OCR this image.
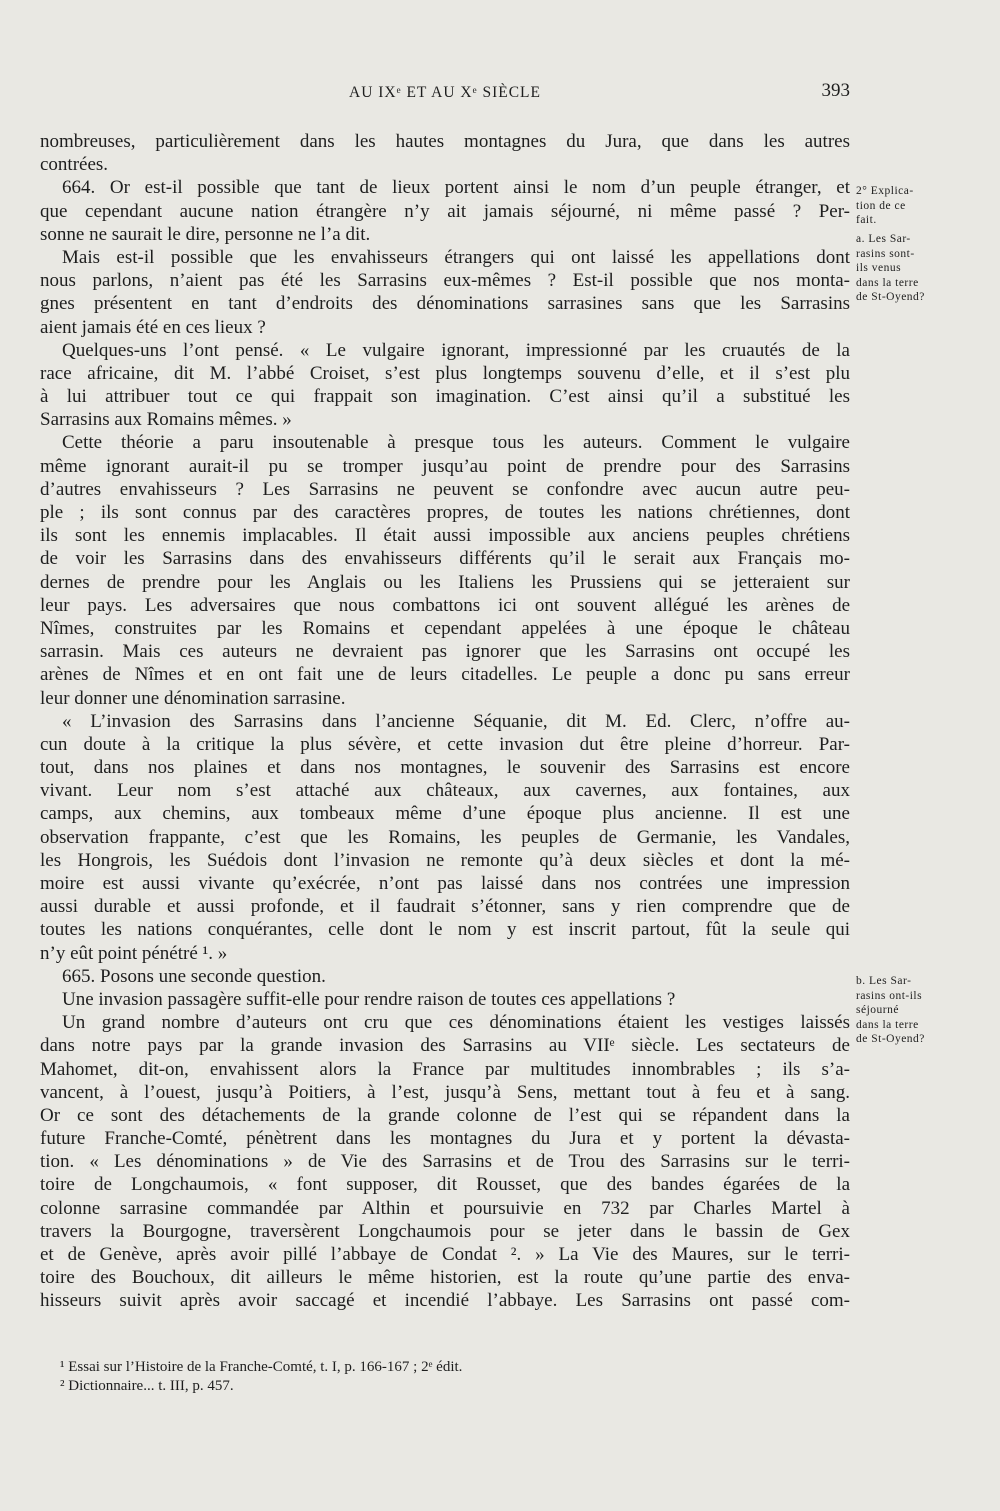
AU IXᵉ ET AU Xᵉ SIÈCLE	393
nombreuses, particulièrement dans les hautes montagnes du Jura, que dans les autres
contrées.
664. Or est-il possible que tant de lieux portent ainsi le nom d’un peuple étranger, et
que cependant aucune nation étrangère n’y ait jamais séjourné, ni même passé ? Per-
sonne ne saurait le dire, personne ne l’a dit.
Mais est-il possible que les envahisseurs étrangers qui ont laissé les appellations dont
nous parlons, n’aient pas été les Sarrasins eux-mêmes ? Est-il possible que nos monta-
gnes présentent en tant d’endroits des dénominations sarrasines sans que les Sarrasins
aient jamais été en ces lieux ?
Quelques-uns l’ont pensé. « Le vulgaire ignorant, impressionné par les cruautés de la
race africaine, dit M. l’abbé Croiset, s’est plus longtemps souvenu d’elle, et il s’est plu
à lui attribuer tout ce qui frappait son imagination. C’est ainsi qu’il a substitué les
Sarrasins aux Romains mêmes. »
Cette théorie a paru insoutenable à presque tous les auteurs. Comment le vulgaire
même ignorant aurait-il pu se tromper jusqu’au point de prendre pour des Sarrasins
d’autres envahisseurs ? Les Sarrasins ne peuvent se confondre avec aucun autre peu-
ple ; ils sont connus par des caractères propres, de toutes les nations chrétiennes, dont
ils sont les ennemis implacables. Il était aussi impossible aux anciens peuples chrétiens
de voir les Sarrasins dans des envahisseurs différents qu’il le serait aux Français mo-
dernes de prendre pour les Anglais ou les Italiens les Prussiens qui se jetteraient sur
leur pays. Les adversaires que nous combattons ici ont souvent allégué les arènes de
Nîmes, construites par les Romains et cependant appelées à une époque le château
sarrasin. Mais ces auteurs ne devraient pas ignorer que les Sarrasins ont occupé les
arènes de Nîmes et en ont fait une de leurs citadelles. Le peuple a donc pu sans erreur
leur donner une dénomination sarrasine.
« L’invasion des Sarrasins dans l’ancienne Séquanie, dit M. Ed. Clerc, n’offre au-
cun doute à la critique la plus sévère, et cette invasion dut être pleine d’horreur. Par-
tout, dans nos plaines et dans nos montagnes, le souvenir des Sarrasins est encore
vivant. Leur nom s’est attaché aux châteaux, aux cavernes, aux fontaines, aux
camps, aux chemins, aux tombeaux même d’une époque plus ancienne. Il est une
observation frappante, c’est que les Romains, les peuples de Germanie, les Vandales,
les Hongrois, les Suédois dont l’invasion ne remonte qu’à deux siècles et dont la mé-
moire est aussi vivante qu’exécrée, n’ont pas laissé dans nos contrées une impression
aussi durable et aussi profonde, et il faudrait s’étonner, sans y rien comprendre que de
toutes les nations conquérantes, celle dont le nom y est inscrit partout, fût la seule qui
n’y eût point pénétré ¹. »
665. Posons une seconde question.
Une invasion passagère suffit-elle pour rendre raison de toutes ces appellations ?
Un grand nombre d’auteurs ont cru que ces dénominations étaient les vestiges laissés
dans notre pays par la grande invasion des Sarrasins au VIIᵉ siècle. Les sectateurs de
Mahomet, dit-on, envahissent alors la France par multitudes innombrables ; ils s’a-
vancent, à l’ouest, jusqu’à Poitiers, à l’est, jusqu’à Sens, mettant tout à feu et à sang.
Or ce sont des détachements de la grande colonne de l’est qui se répandent dans la
future Franche-Comté, pénètrent dans les montagnes du Jura et y portent la dévasta-
tion. « Les dénominations » de Vie des Sarrasins et de Trou des Sarrasins sur le terri-
toire de Longchaumois, « font supposer, dit Rousset, que des bandes égarées de la
colonne sarrasine commandée par Althin et poursuivie en 732 par Charles Martel à
travers la Bourgogne, traversèrent Longchaumois pour se jeter dans le bassin de Gex
et de Genève, après avoir pillé l’abbaye de Condat ². » La Vie des Maures, sur le terri-
toire des Bouchoux, dit ailleurs le même historien, est la route qu’une partie des enva-
hisseurs suivit après avoir saccagé et incendié l’abbaye. Les Sarrasins ont passé com-
2° Explica-
tion de ce
fait.
a. Les Sar-
rasins sont-
ils venus
dans la terre
de St-Oyend?
b. Les Sar-
rasins ont-ils
séjourné
dans la terre
de St-Oyend?
¹ Essai sur l’Histoire de la Franche-Comté, t. I, p. 166-167 ; 2ᵉ édit.
² Dictionnaire... t. III, p. 457.
